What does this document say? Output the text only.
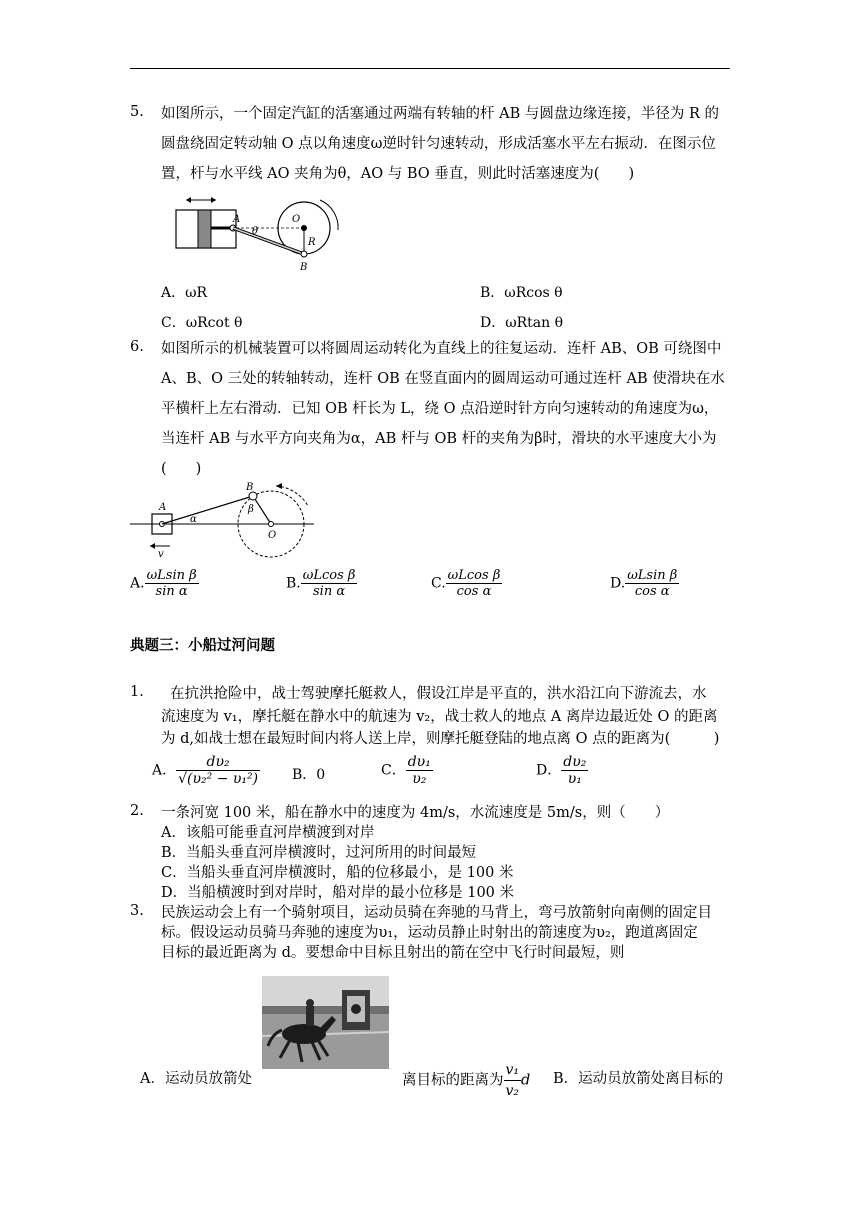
5. 如图所示，一个固定汽缸的活塞通过两端有转轴的杆 AB 与圆盘边缘连接，半径为 R 的
圆盘绕固定转动轴 O 点以角速度ω逆时针匀速转动，形成活塞水平左右振动．在图示位
置，杆与水平线 AO 夹角为θ，AO 与 BO 垂直，则此时活塞速度为(　　)
A	O
R
B
θ
A．ωR	B．ωRcos θ
C．ωRcot θ	D．ωRtan θ
6. 如图所示的机械装置可以将圆周运动转化为直线上的往复运动．连杆 AB、OB 可绕图中
A、B、O 三处的转轴转动，连杆 OB 在竖直面内的圆周运动可通过连杆 AB 使滑块在水
平横杆上左右滑动．已知 OB 杆长为 L，绕 O 点沿逆时针方向匀速转动的角速度为ω，
当连杆 AB 与水平方向夹角为α，AB 杆与 OB 杆的夹角为β时，滑块的水平速度大小为
(　　)
A
B
O
α
β
v
A. $\frac{\text{ωLsin β}}{\text{sin α}}$	B. $\frac{\text{ωLcos β}}{\text{sin α}}$	C. $\frac{\text{ωLcos β}}{\text{cos α}}$	D. $\frac{\text{ωLsin β}}{\text{cos α}}$
典题三：小船过河问题
1. 在抗洪抢险中，战士驾驶摩托艇救人，假设江岸是平直的，洪水沿江向下游流去，水
流速度为 v₁，摩托艇在静水中的航速为 v₂，战士救人的地点 A 离岸边最近处 O 的距离
为 d,如战士想在最短时间内将人送上岸，则摩托艇登陆的地点离 O 点的距离为(　　　)
A． $\frac{\text{dυ₂}}{\text{√(υ₂² − υ₁²)}}$ B．0	C． $\frac{\text{dυ₁}}{\text{υ₂}}$	D． $\frac{\text{dυ₂}}{\text{υ₁}}$
2. 一条河宽 100 米，船在静水中的速度为 4m/s，水流速度是 5m/s，则（　　）
A．该船可能垂直河岸横渡到对岸
B．当船头垂直河岸横渡时，过河所用的时间最短
C．当船头垂直河岸横渡时，船的位移最小，是 100 米
D．当船横渡时到对岸时，船对岸的最小位移是 100 米
3. 民族运动会上有一个骑射项目，运动员骑在奔驰的马背上，弯弓放箭射向南侧的固定目
标。假设运动员骑马奔驰的速度为υ₁，运动员静止时射出的箭速度为υ₂，跑道离固定
目标的最近距离为 d。要想命中目标且射出的箭在空中飞行时间最短，则
A．运动员放箭处	离目标的距离为 $\frac{\text{v₁}}{\text{v₂}}$ d B．运动员放箭处离目标的
